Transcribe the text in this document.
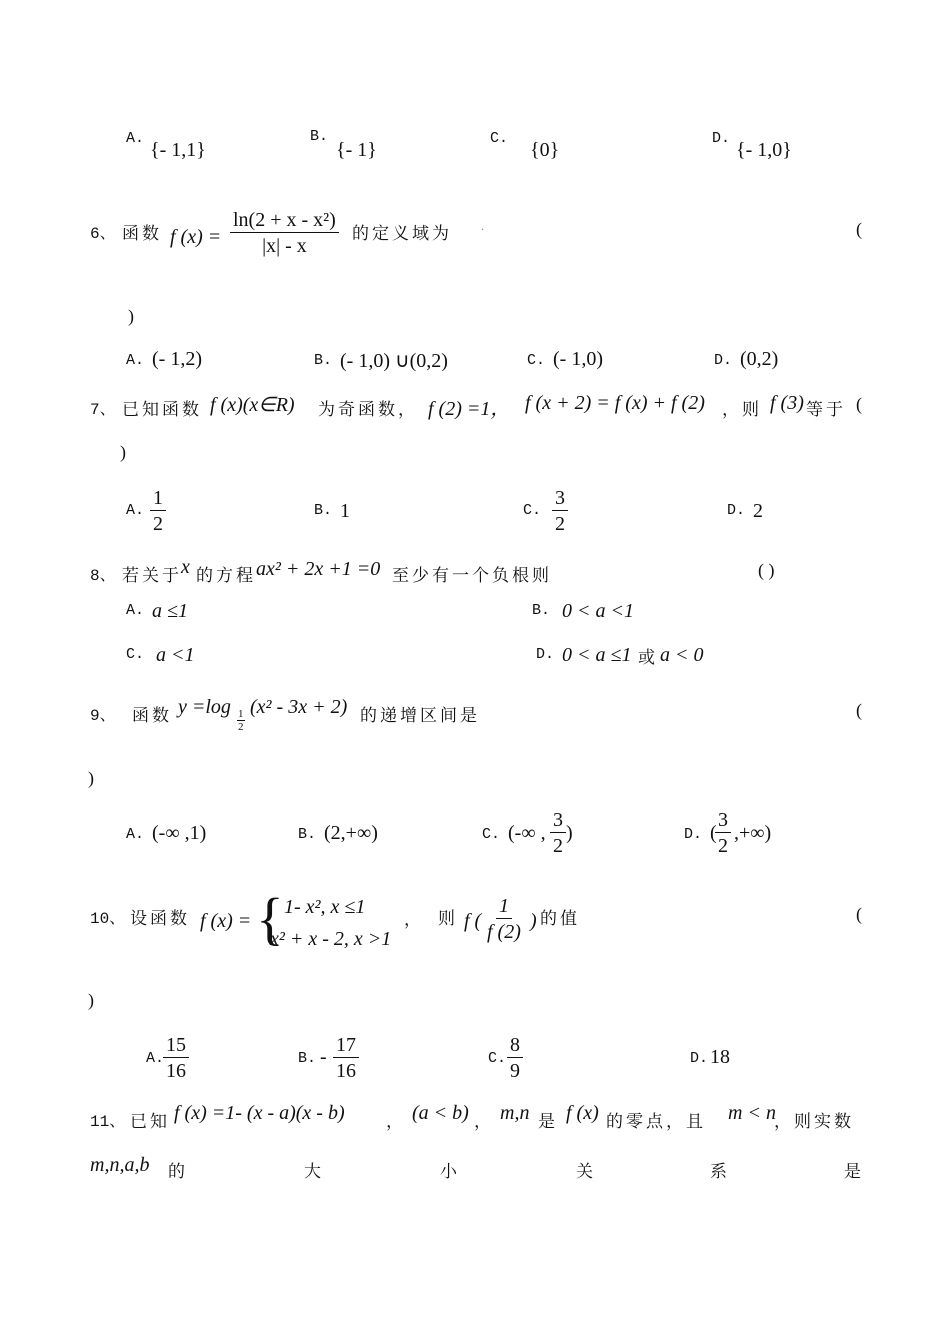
A.
{- 1,1}
B.
{- 1}
C.
{0}
D.
{- 1,0}
6、 函数 f $(x) = \frac{\text{ln(2 + x - x²)}}{|x| - x}$ 的定义域为	.	(
)
A. (- 1,2)	B. (- 1,0) ∪(0,2)	C. (- 1,0)	D. (0,2)
7、 已知函数 f (x)(x∈R) 为奇函数， f (2) =1， f (x + 2) = f (x) + f (2) ，则 f (3) 等于 (
)
A. $\frac{1}{2}$	B. 1	C. $\frac{3}{2}$	D. 2
8、 若关于 x 的方程 ax² + 2x +1 =0 至少有一个负根则	( )
A. a ≤1	B. 0 < a <1
C. a <1	D. 0 < a ≤1 或 a < 0
9、 函数 y =log
$\frac{1}{2}$
(x² - 3x + 2) 的递增区间是	(
)
A. (-∞ ,1)	B. (2,+∞)	C. (-∞ , $\frac{3}{2}$ )	D. (
$\frac{3}{2}$ ,+∞)
10、 设函数 f (x) = { 1- x², x ≤1
x² + x - 2, x >1
， 则 f ( $\frac{1}{f (2)}$ ) 的值	(
)
A.
$\frac{15}{16}$	B. - $\frac{17}{16}$	C. $\frac{8}{9}$	D. 18
11、 已知 f (x) =1- (x - a)(x - b) ， (a < b) ， m,n 是 f (x) 的零点，且 m < n
，则实数
m,n,a,b 的	大	小	关	系	是
